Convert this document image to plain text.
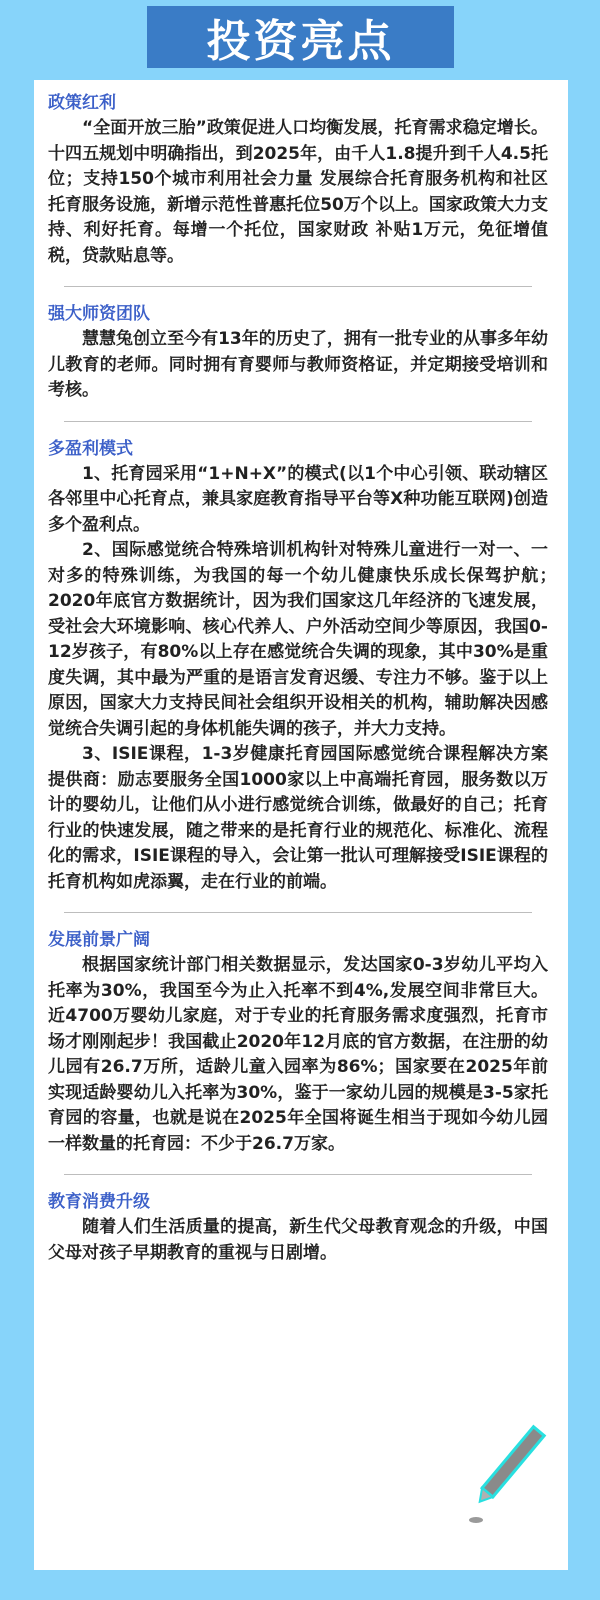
投资亮点
政策红利

“全面开放三胎”政策促进人口均衡发展，托育需求稳定增长。十四五规划中明确指出，到2025年，由千人1.8提升到千人4.5托位；支持150个城市利用社会力量 发展综合托育服务机构和社区托育服务设施，新增示范性普惠托位50万个以上。国家政策大力支持、利好托育。每增一个托位，国家财政 补贴1万元，免征增值税，贷款贴息等。

强大师资团队

慧慧兔创立至今有13年的历史了，拥有一批专业的从事多年幼儿教育的老师。同时拥有育婴师与教师资格证，并定期接受培训和考核。

多盈利模式

1、托育园采用“1+N+X”的模式(以1个中心引领、联动辖区各邻里中心托育点，兼具家庭教育指导平台等X种功能互联网)创造多个盈利点。

2、国际感觉统合特殊培训机构针对特殊儿童进行一对一、一对多的特殊训练，为我国的每一个幼儿健康快乐成长保驾护航；　 2020年底官方数据统计，因为我们国家这几年经济的飞速发展，受社会大环境影响、核心代养人、户外活动空间少等原因，我国0-12岁孩子，有80%以上存在感觉统合失调的现象，其中30%是重度失调，其中最为严重的是语言发育迟缓、专注力不够。鉴于以上原因，国家大力支持民间社会组织开设相关的机构，辅助解决因感觉统合失调引起的身体机能失调的孩子，并大力支持。

3、ISIE课程，1-3岁健康托育园国际感觉统合课程解决方案提供商：励志要服务全国1000家以上中高端托育园，服务数以万计的婴幼儿，让他们从小进行感觉统合训练，做最好的自己；托育行业的快速发展，随之带来的是托育行业的规范化、标准化、流程化的需求，ISIE课程的导入，会让第一批认可理解接受ISIE课程的托育机构如虎添翼，走在行业的前端。

发展前景广阔

根据国家统计部门相关数据显示，发达国家0-3岁幼儿平均入托率为30%，我国至今为止入托率不到4%,发展空间非常巨大。近4700万婴幼儿家庭，对于专业的托育服务需求度强烈，托育市场才刚刚起步！我国截止2020年12月底的官方数据，在注册的幼儿园有26.7万所，适龄儿童入园率为86%；国家要在2025年前实现适龄婴幼儿入托率为30%，鉴于一家幼儿园的规模是3-5家托育园的容量，也就是说在2025年全国将诞生相当于现如今幼儿园一样数量的托育园：不少于26.7万家。

教育消费升级

随着人们生活质量的提高，新生代父母教育观念的升级，中国父母对孩子早期教育的重视与日剧增。
